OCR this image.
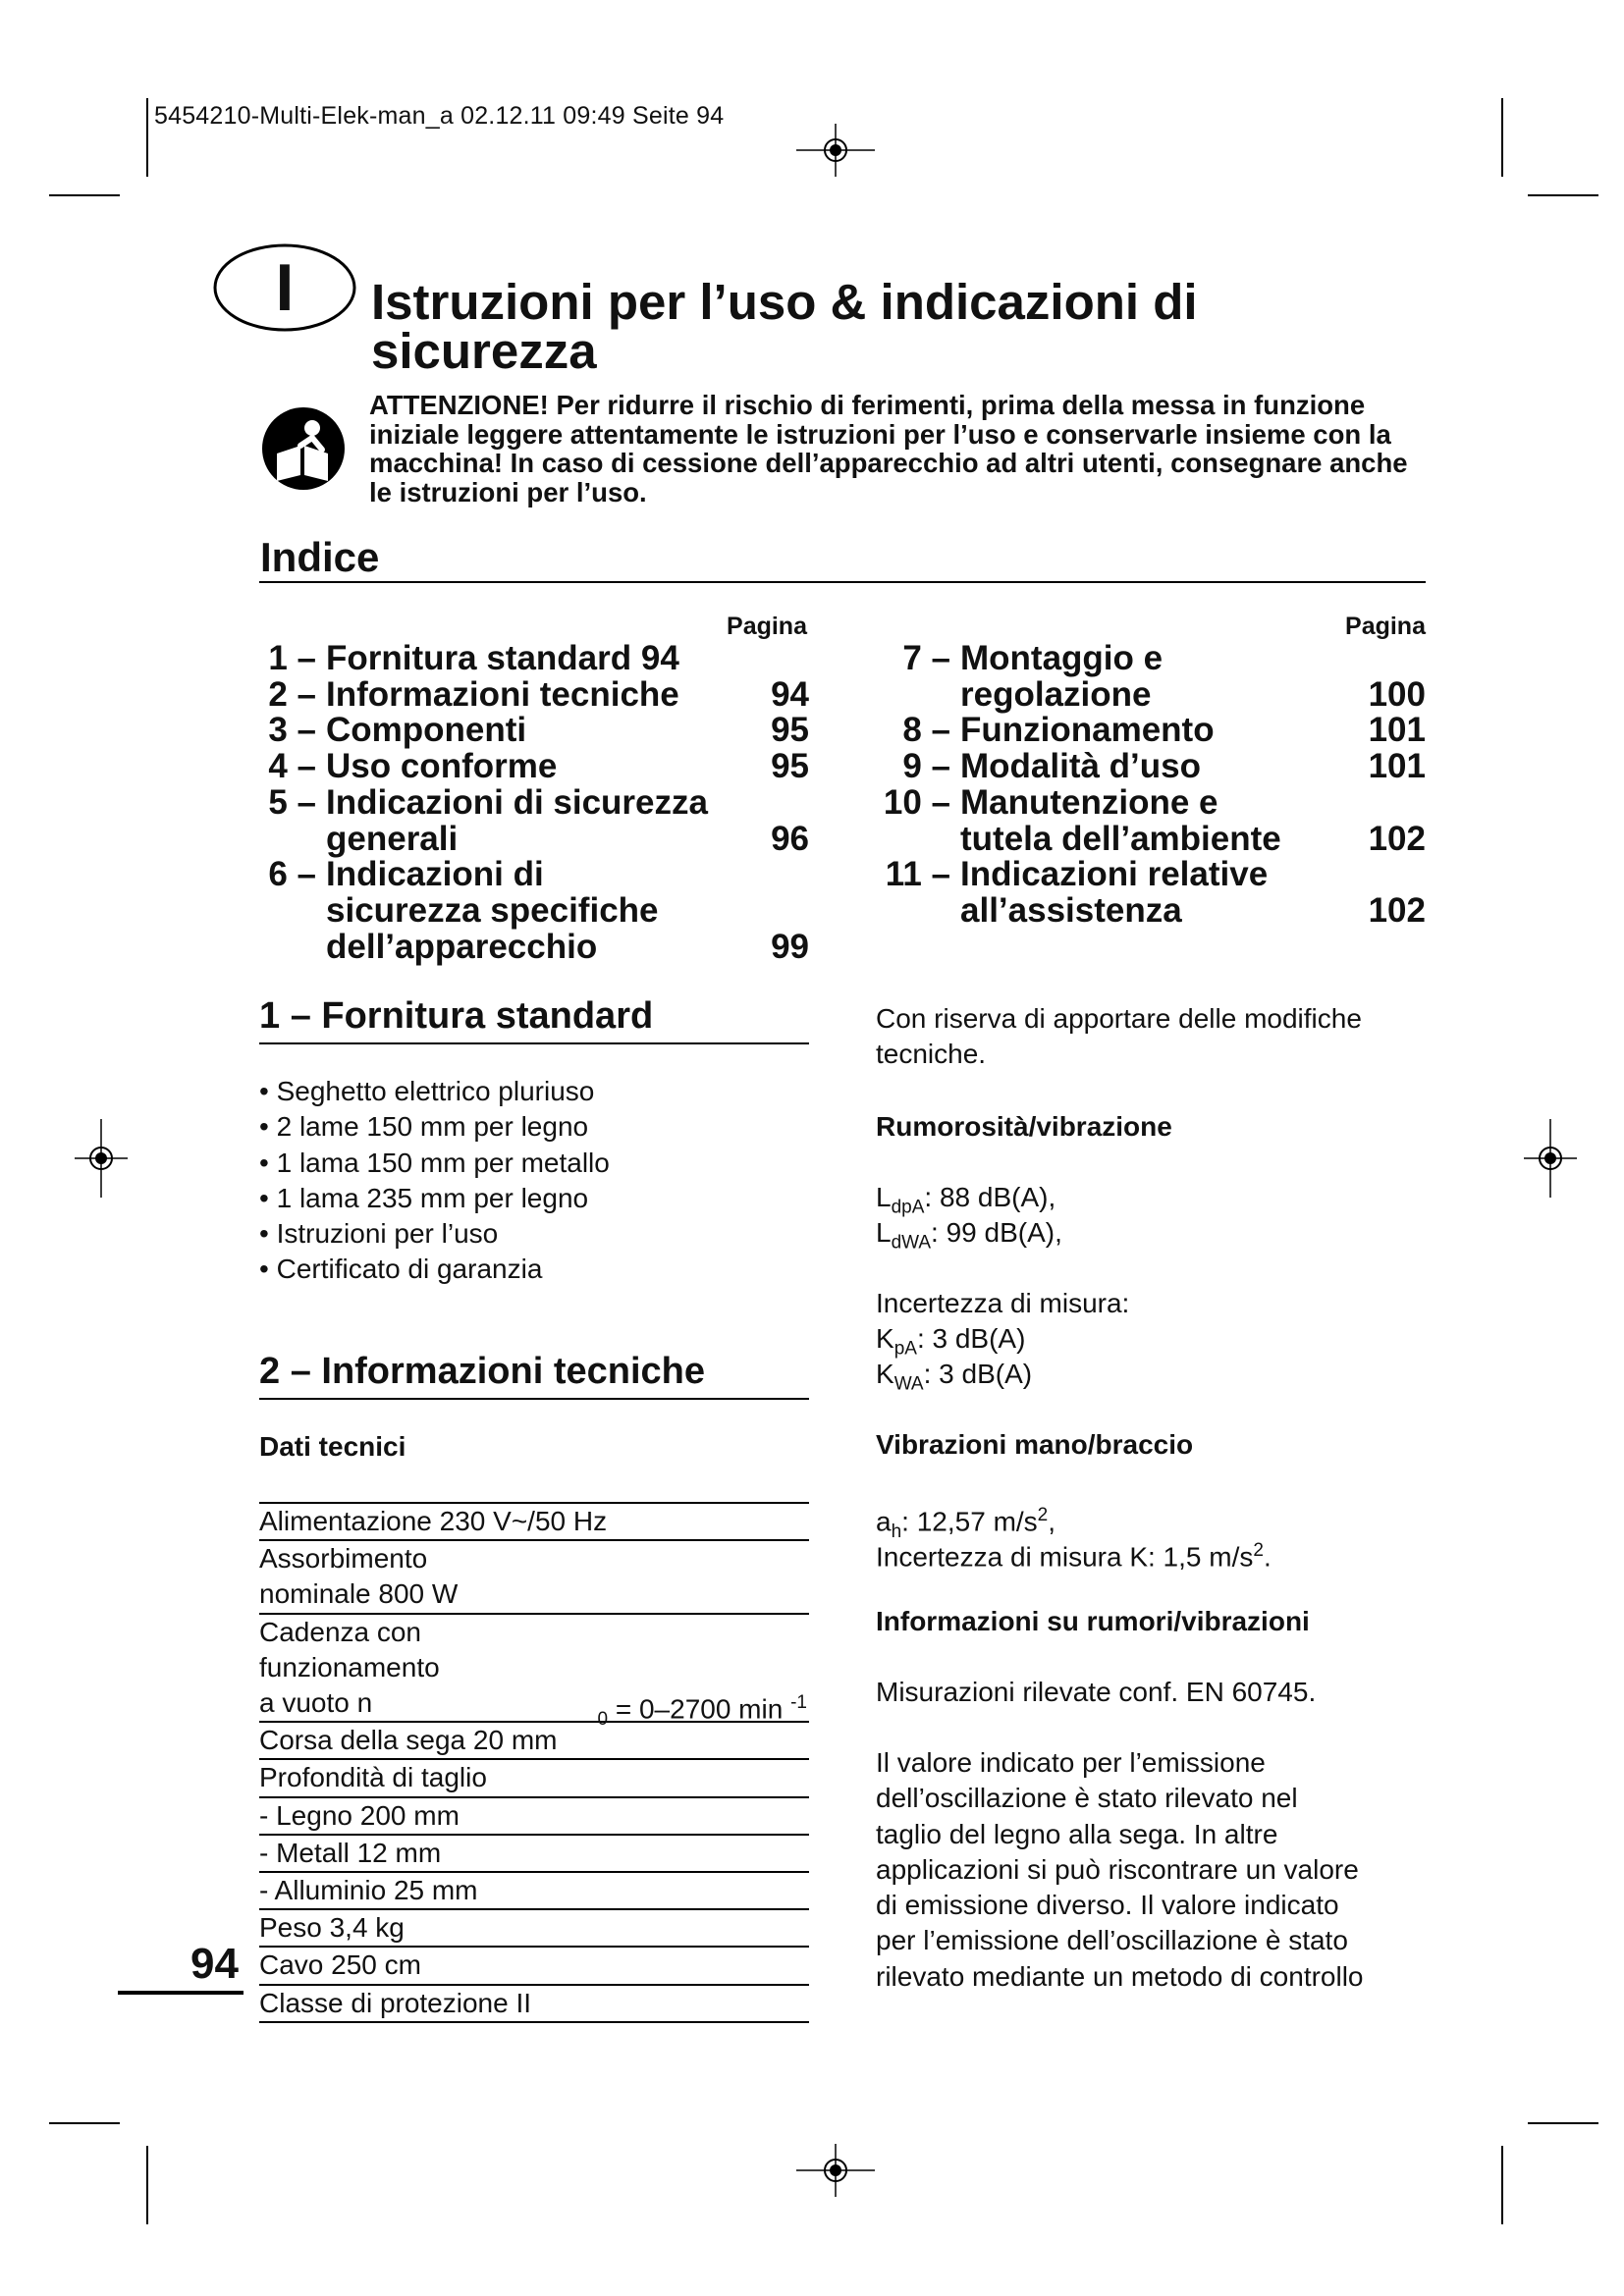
5454210-Multi-Elek-man_a 02.12.11 09:49 Seite 94
I	Istruzioni per l’uso & indicazioni di sicurezza
ATTENZIONE! Per ridurre il rischio di ferimenti, prima della messa in funzione iniziale leggere attentamente le istruzioni per l’uso e conservarle insieme con la macchina! In caso di cessione dell’apparecchio ad altri utenti, consegnare anche le istruzioni per l’uso.
Indice
Pagina	Pagina
1 – Fornitura standard 94
2 – Informazioni tecniche	94
3 – Componenti	95
4 – Uso conforme	95
5 – Indicazioni di sicurezza
generali	96
6 – Indicazioni di
sicurezza specifiche
dell’apparecchio	99
7 – Montaggio e
regolazione	100
8 – Funzionamento	101
9 – Modalità d’uso	101
10 – Manutenzione e
tutela dell’ambiente	102
11 – Indicazioni relative
all’assistenza	102
1 – Fornitura standard
• Seghetto elettrico pluriuso
• 2 lame 150 mm per legno
• 1 lama 150 mm per metallo
• 1 lama 235 mm per legno
• Istruzioni per l’uso
• Certificato di garanzia
2 – Informazioni tecniche
Dati tecnici
Alimentazione 230 V~/50 Hz

Assorbimento
nominale 800 W

Cadenza con
funzionamento
a vuoto n
$_0$ = 0–2700 min $^{-1}$

Corsa della sega 20 mm

Profondità di taglio

- Legno 200 mm

- Metall 12 mm

- Alluminio 25 mm

Peso 3,4 kg

Cavo 250 cm

Classe di protezione II
Con riserva di apportare delle modifiche tecniche.
Rumorosità/vibrazione
$L_{dpA}$: 88 dB(A),
$L_{dWA}$: 99 dB(A),
Incertezza di misura:
$K_{pA}$: 3 dB(A)
$K_{WA}$: 3 dB(A)
Vibrazioni mano/braccio
$a_h$: 12,57 $m/s^2$,
Incertezza di misura K: 1,5 $m/s^2$.
Informazioni su rumori/vibrazioni
Misurazioni rilevate conf. EN 60745.
Il valore indicato per l’emissione
dell’oscillazione è stato rilevato nel
taglio del legno alla sega. In altre
applicazioni si può riscontrare un valore
di emissione diverso. Il valore indicato
per l’emissione dell’oscillazione è stato
rilevato mediante un metodo di controllo
94
